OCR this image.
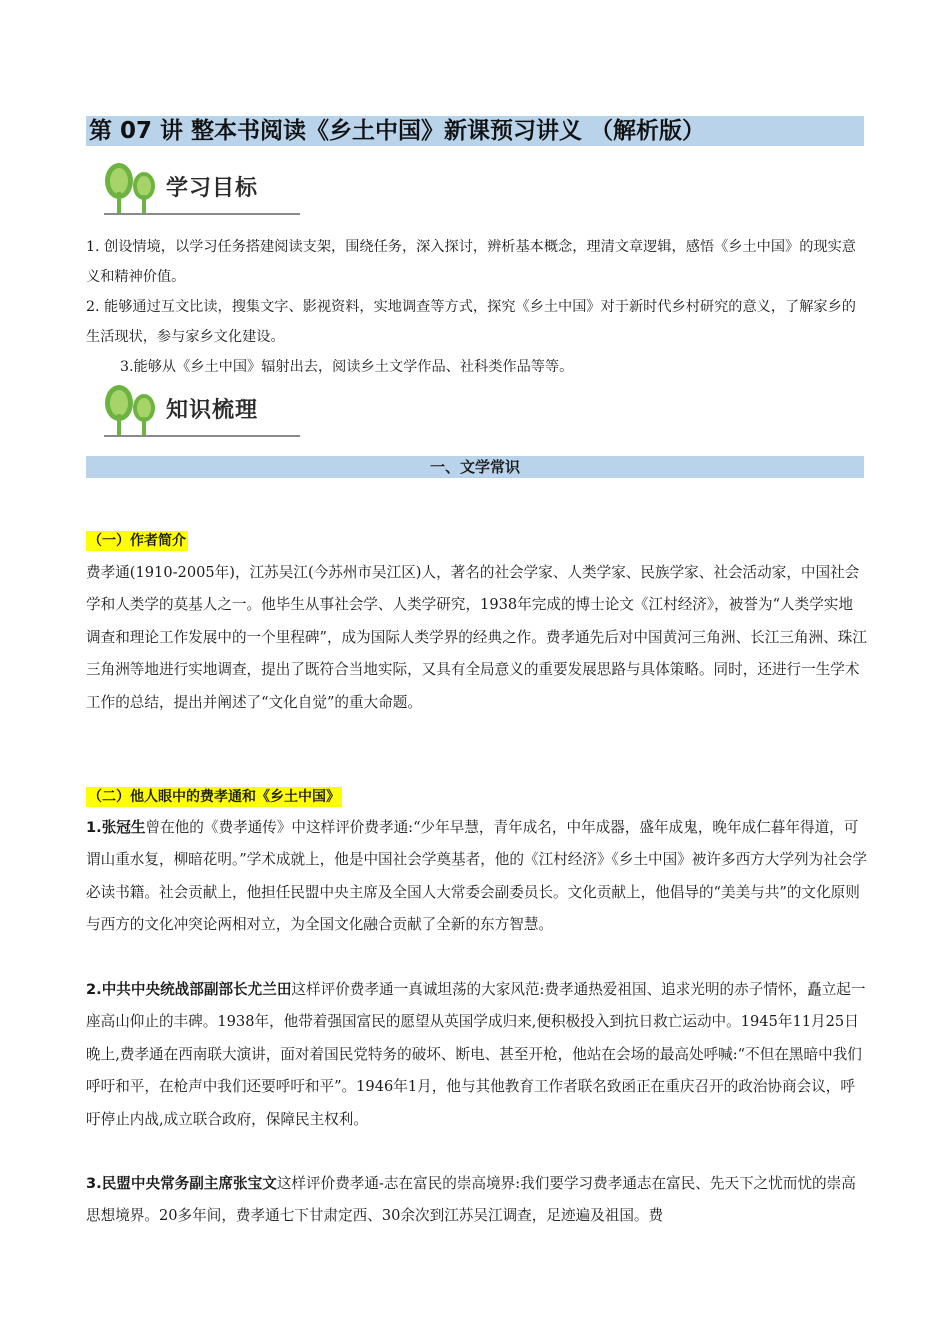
第 07 讲 整本书阅读《乡土中国》新课预习讲义 （解析版）
学习目标

1. 创设情境，以学习任务搭建阅读支架，围绕任务，深入探讨，辨析基本概念，理清文章逻辑，感悟《乡土中国》的现实意义和精神价值。

2. 能够通过互文比读，搜集文字、影视资料，实地调查等方式，探究《乡土中国》对于新时代乡村研究的意义，了解家乡的生活现状，参与家乡文化建设。

3.能够从《乡土中国》辐射出去，阅读乡土文学作品、社科类作品等等。

知识梳理
一、文学常识
（一）作者简介

费孝通(1910-2005年)，江苏吴江(今苏州市吴江区)人，著名的社会学家、人类学家、民族学家、社会活动家，中国社会学和人类学的莫基人之一。他毕生从事社会学、人类学研究，1938年完成的博士论文《江村经济》，被誉为“人类学实地调查和理论工作发展中的一个里程碑”，成为国际人类学界的经典之作。费孝通先后对中国黄河三角洲、长江三角洲、珠江三角洲等地进行实地调查，提出了既符合当地实际，又具有全局意义的重要发展思路与具体策略。同时，还进行一生学术工作的总结，提出并阐述了“文化自觉”的重大命题。

（二）他人眼中的费孝通和《乡土中国》

1.张冠生曾在他的《费孝通传》中这样评价费孝通:“少年早慧，青年成名，中年成器，盛年成鬼，晚年成仁暮年得道，可谓山重水复，柳暗花明。”学术成就上，他是中国社会学奠基者，他的《江村经济》《乡土中国》被许多西方大学列为社会学必读书籍。社会贡献上，他担任民盟中央主席及全国人大常委会副委员长。文化贡献上，他倡导的“美美与共”的文化原则与西方的文化冲突论两相对立，为全国文化融合贡献了全新的东方智慧。

2.中共中央统战部副部长尤兰田这样评价费孝通一真诚坦荡的大家风范:费孝通热爱祖国、追求光明的赤子情怀，矗立起一座高山仰止的丰碑。1938年，他带着强国富民的愿望从英国学成归来,便积极投入到抗日救亡运动中。1945年11月25日晚上,费孝通在西南联大演讲，面对着国民党特务的破坏、断电、甚至开枪，他站在会场的最高处呼喊:“不但在黑暗中我们呼吁和平，在枪声中我们还要呼吁和平”。1946年1月，他与其他教育工作者联名致函正在重庆召开的政治协商会议，呼吁停止内战,成立联合政府，保障民主权利。

3.民盟中央常务副主席张宝文这样评价费孝通-志在富民的崇高境界:我们要学习费孝通志在富民、先天下之忧而忧的崇高思想境界。20多年间，费孝通七下甘肃定西、30余次到江苏吴江调查，足迹遍及祖国。费
